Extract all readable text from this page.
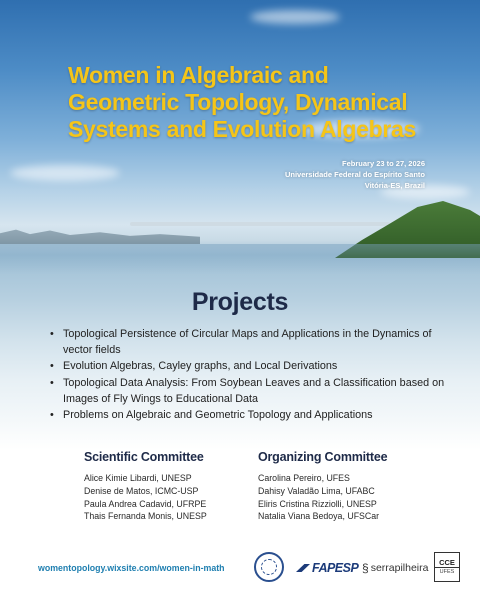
Women in Algebraic and
Geometric Topology, Dynamical
Systems and Evolution Algebras
February 23 to 27, 2026
Universidade Federal do Espírito Santo
Vitória-ES, Brazil
Projects
• Topological Persistence of Circular Maps and Applications in the Dynamics of vector fields
• Evolution Algebras, Cayley graphs, and Local Derivations
• Topological Data Analysis: From Soybean Leaves and a Classification based on Images of Fly Wings to Educational Data
• Problems on Algebraic and Geometric Topology and Applications
Scientific Committee
Alice Kimie Libardi, UNESP
Denise de Matos, ICMC-USP
Paula Andrea Cadavid, UFRPE
Thais Fernanda Monis, UNESP
Organizing Committee
Carolina Pereiro, UFES
Dahisy Valadão Lima, UFABC
Eliris Cristina Rizziolli, UNESP
Natalia Viana Bedoya, UFSCar
womentopology.wixsite.com/women-in-math	FAPESP § serrapilheira CCE
UFES
